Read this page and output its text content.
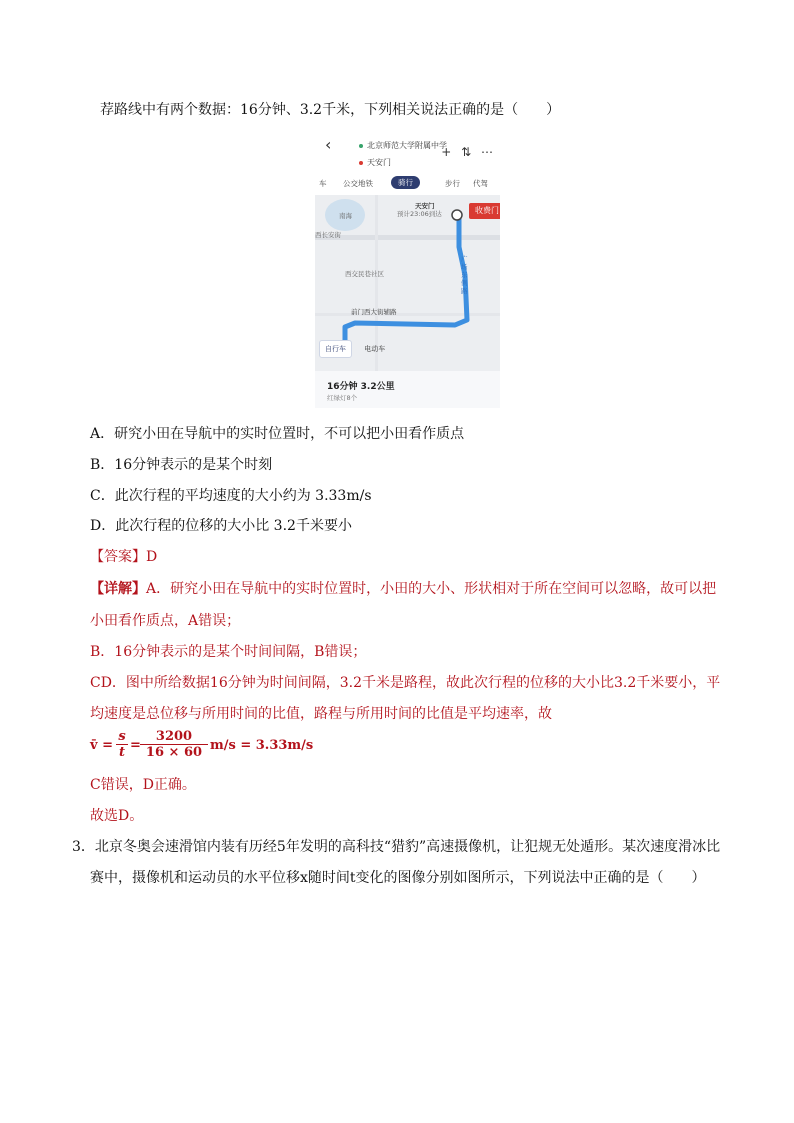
荐路线中有两个数据：16分钟、3.2千米，下列相关说法正确的是（　　）
‹	北京师范大学附属中学
天安门
+ ⇅ ⋯
车 公交地铁	骑行	步行 代驾
天安门
预计23:06到达
南海
西长安街
西交民巷社区
前门西大街辅路
广场东侧路
收费门
自行车	电动车
16分钟 3.2公里
红绿灯8个
A．研究小田在导航中的实时位置时，不可以把小田看作质点
B．16分钟表示的是某个时刻
C．此次行程的平均速度的大小约为 3.33m/s
D．此次行程的位移的大小比 3.2千米要小
【答案】D
【详解】A．研究小田在导航中的实时位置时，小田的大小、形状相对于所在空间可以忽略，故可以把
小田看作质点，A错误；
B．16分钟表示的是某个时间间隔，B错误；
CD．图中所给数据16分钟为时间间隔，3.2千米是路程，故此次行程的位移的大小比3.2千米要小，平
均速度是总位移与所用时间的比值，路程与所用时间的比值是平均速率，故
v̄ = $\frac{s}{t} = \frac{3200}{16 \times 60} m/s = 3.33m/s$
C错误，D正确。
故选D。
3．北京冬奥会速滑馆内装有历经5年发明的高科技“猎豹”高速摄像机，让犯规无处遁形。某次速度滑冰比
赛中，摄像机和运动员的水平位移x随时间t变化的图像分别如图所示，下列说法中正确的是（　　）
